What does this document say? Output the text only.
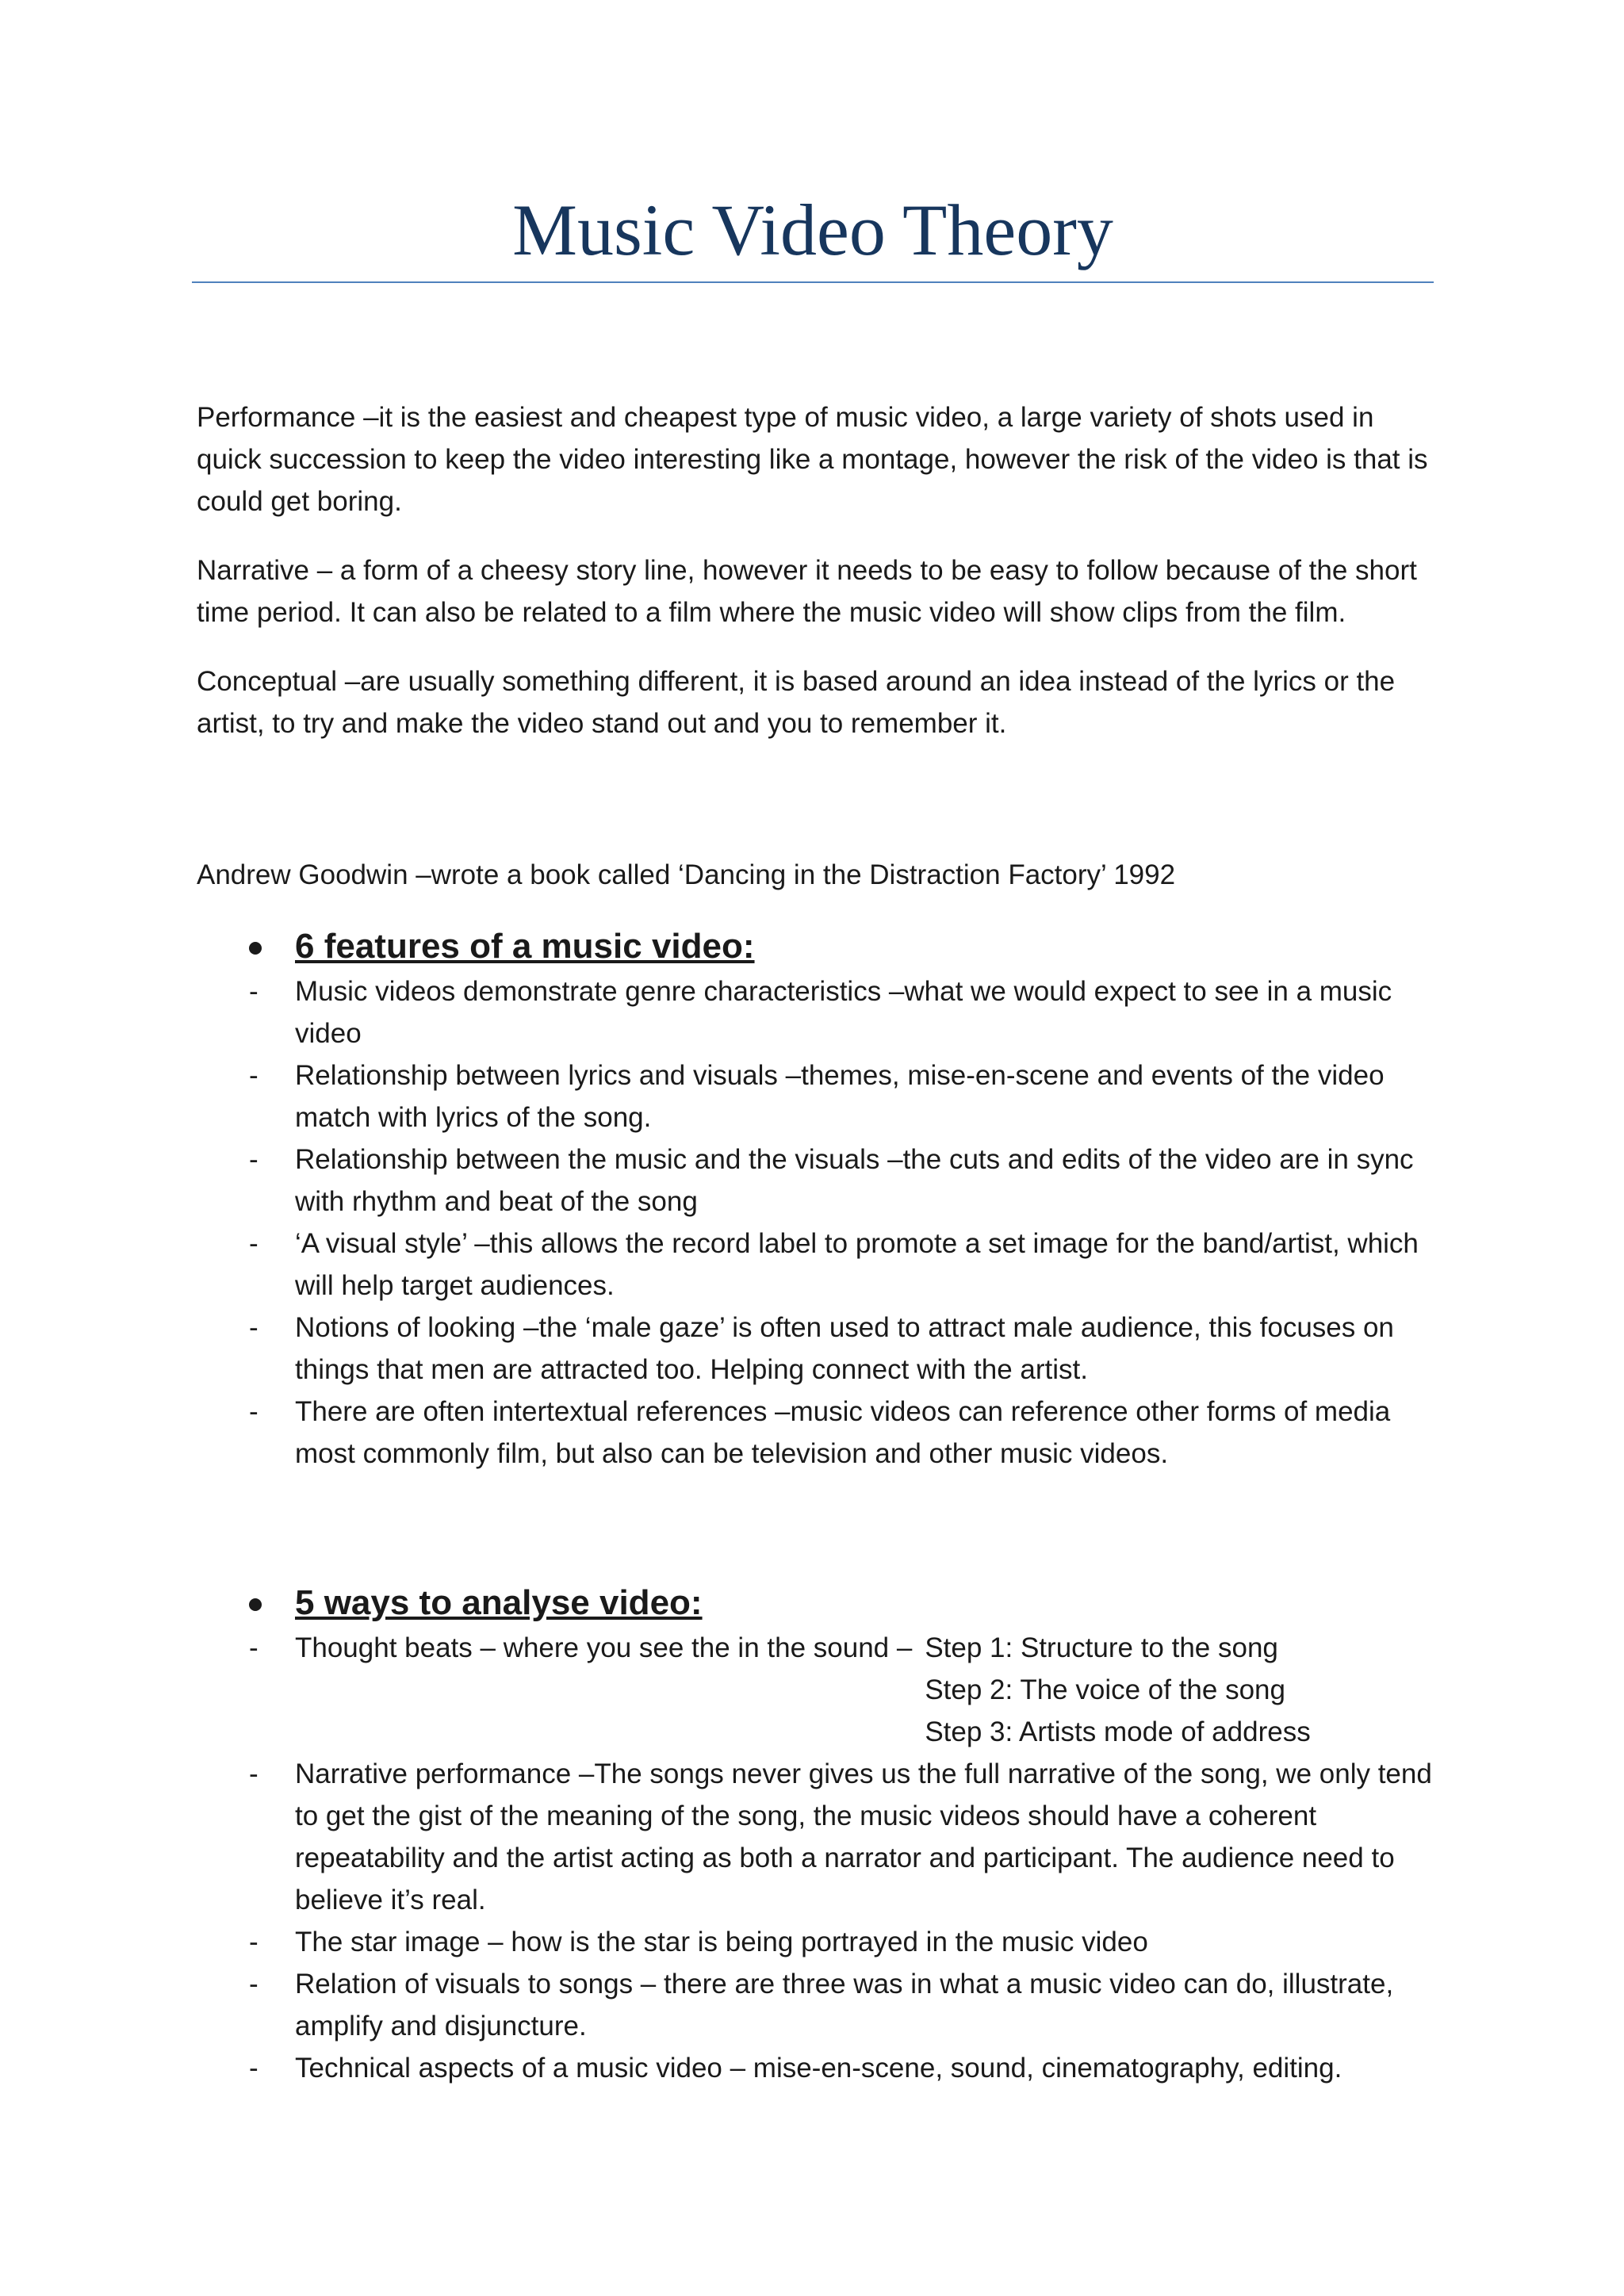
Music Video Theory

Performance –it is the easiest and cheapest type of music video, a large variety of shots used in quick succession to keep the video interesting like a montage, however the risk of the video is that is could get boring.

Narrative – a form of a cheesy story line, however it needs to be easy to follow because of the short time period. It can also be related to a film where the music video will show clips from the film.

Conceptual –are usually something different, it is based around an idea instead of the lyrics or the artist, to try and make the video stand out and you to remember it.

Andrew Goodwin –wrote a book called ‘Dancing in the Distraction Factory’ 1992

6 features of a music video:
- Music videos demonstrate genre characteristics –what we would expect to see in a music video
- Relationship between lyrics and visuals –themes, mise-en-scene and events of the video match with lyrics of the song.
- Relationship between the music and the visuals –the cuts and edits of the video are in sync with rhythm and beat of the song
- ‘A visual style’ –this allows the record label to promote a set image for the band/artist, which will help target audiences.
- Notions of looking –the ‘male gaze’ is often used to attract male audience, this focuses on things that men are attracted too. Helping connect with the artist.
- There are often intertextual references –music videos can reference other forms of media most commonly film, but also can be television and other music videos.
5 ways to analyse video:
- Thought beats – where you see the in the sound – Step 1: Structure to the song
Step 2: The voice of the song
Step 3: Artists mode of address
- Narrative performance –The songs never gives us the full narrative of the song, we only tend to get the gist of the meaning of the song, the music videos should have a coherent repeatability and the artist acting as both a narrator and participant. The audience need to believe it’s real.
- The star image – how is the star is being portrayed in the music video
- Relation of visuals to songs – there are three was in what a music video can do, illustrate, amplify and disjuncture.
- Technical aspects of a music video – mise-en-scene, sound, cinematography, editing.
